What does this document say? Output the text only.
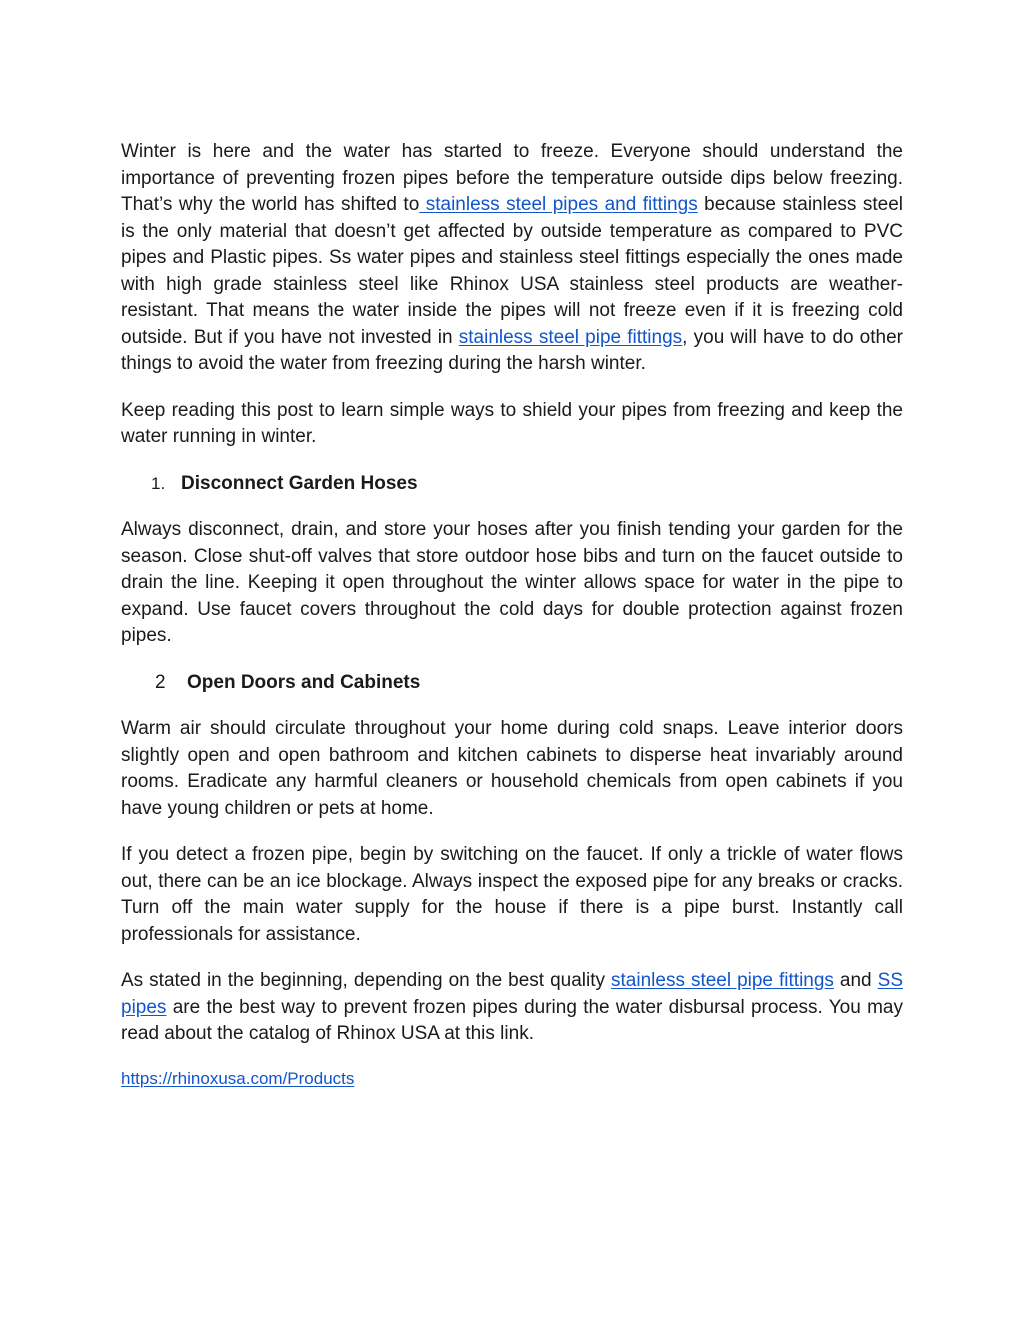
Winter is here and the water has started to freeze. Everyone should understand the importance of preventing frozen pipes before the temperature outside dips below freezing. That’s why the world has shifted to stainless steel pipes and fittings because stainless steel is the only material that doesn’t get affected by outside temperature as compared to PVC pipes and Plastic pipes. Ss water pipes and stainless steel fittings especially the ones made with high grade stainless steel like Rhinox USA stainless steel products are weather-resistant. That means the water inside the pipes will not freeze even if it is freezing cold outside. But if you have not invested in stainless steel pipe fittings, you will have to do other things to avoid the water from freezing during the harsh winter.

Keep reading this post to learn simple ways to shield your pipes from freezing and keep the water running in winter.

1. Disconnect Garden Hoses

Always disconnect, drain, and store your hoses after you finish tending your garden for the season. Close shut-off valves that store outdoor hose bibs and turn on the faucet outside to drain the line. Keeping it open throughout the winter allows space for water in the pipe to expand. Use faucet covers throughout the cold days for double protection against frozen pipes.

2	Open Doors and Cabinets

Warm air should circulate throughout your home during cold snaps. Leave interior doors slightly open and open bathroom and kitchen cabinets to disperse heat invariably around rooms. Eradicate any harmful cleaners or household chemicals from open cabinets if you have young children or pets at home.

If you detect a frozen pipe, begin by switching on the faucet. If only a trickle of water flows out, there can be an ice blockage. Always inspect the exposed pipe for any breaks or cracks. Turn off the main water supply for the house if there is a pipe burst. Instantly call professionals for assistance.

As stated in the beginning, depending on the best quality stainless steel pipe fittings and SS pipes are the best way to prevent frozen pipes during the water disbursal process. You may read about the catalog of Rhinox USA at this link.

https://rhinoxusa.com/Products
